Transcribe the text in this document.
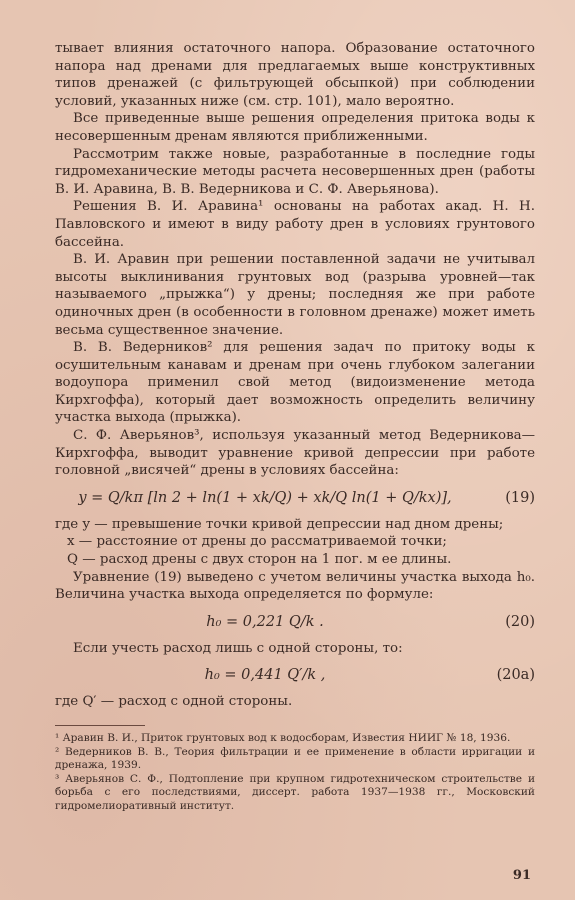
тывает влияния остаточного напора. Образование остаточного напора над дренами для предлагаемых выше конструктивных типов дренажей (с фильтрующей обсыпкой) при соблюдении условий, указанных ниже (см. стр. 101), мало вероятно.

Все приведенные выше решения определения притока воды к несовершенным дренам являются приближенными.

Рассмотрим также новые, разработанные в последние годы гидромеханические методы расчета несовершенных дрен (работы В. И. Аравина, В. В. Ведерникова и С. Ф. Аверьянова).

Решения В. И. Аравина¹ основаны на работах акад. Н. Н. Павловского и имеют в виду работу дрен в условиях грунтового бассейна.

В. И. Аравин при решении поставленной задачи не учитывал высоты выклинивания грунтовых вод (разрыва уровней—так называемого „прыжка“) у дрены; последняя же при работе одиночных дрен (в особенности в головном дренаже) может иметь весьма существенное значение.

В. В. Ведерников² для решения задач по притоку воды к осушительным канавам и дренам при очень глубоком залегании водоупора применил свой метод (видоизменение метода Кирхгоффа), который дает возможность определить величину участка выхода (прыжка).

С. Ф. Аверьянов³, используя указанный метод Ведерникова—Кирхгоффа, выводит уравнение кривой депрессии при работе головной „висячей“ дрены в условиях бассейна:

y = Q/kπ [ln 2 + ln(1 + xk/Q) + xk/Q ln(1 + Q/kx)],	(19)

где y — превышение точки кривой депрессии над дном дрены;

x — расстояние от дрены до рассматриваемой точки;

Q — расход дрены с двух сторон на 1 пог. м ее длины.

Уравнение (19) выведено с учетом величины участка выхода h₀. Величина участка выхода определяется по формуле:

h₀ = 0,221 Q/k .	(20)

Если учесть расход лишь с одной стороны, то:

h₀ = 0,441 Q′/k ,	(20a)

где Q′ — расход с одной стороны.

¹ Аравин В. И., Приток грунтовых вод к водосборам, Известия НИИГ № 18, 1936.

² Ведерников В. В., Теория фильтрации и ее применение в области ирригации и дренажа, 1939.

³ Аверьянов С. Ф., Подтопление при крупном гидротехническом строительстве и борьба с его последствиями, диссерт. работа 1937—1938 гг., Московский гидромелиоративный институт.

91
